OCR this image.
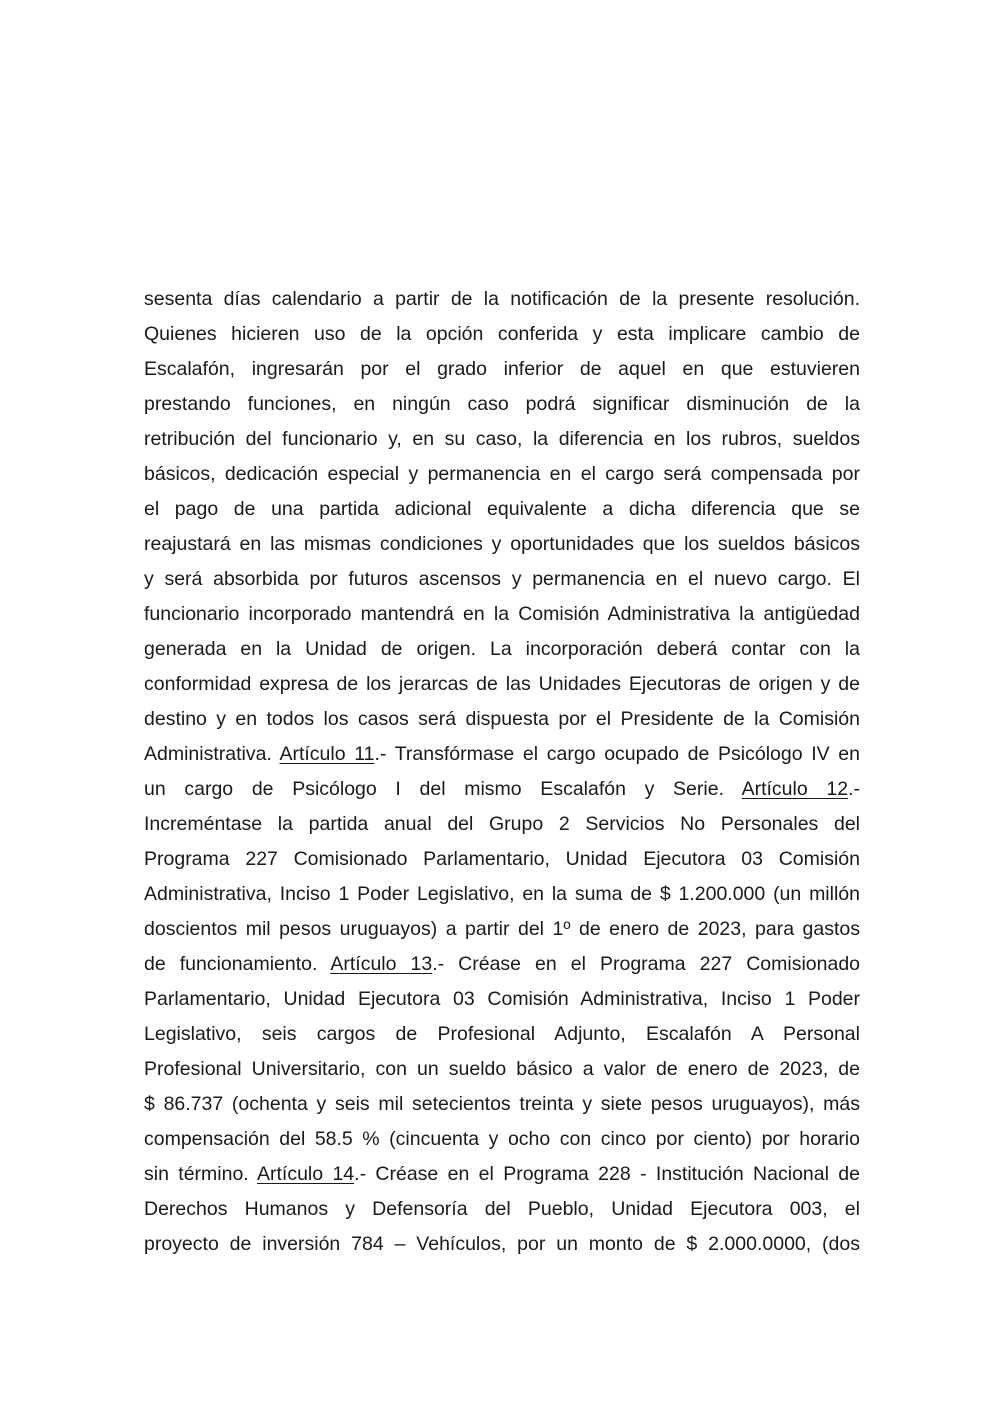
sesenta días calendario a partir de la notificación de la presente resolución.
Quienes hicieren uso de la opción conferida y esta implicare cambio de
Escalafón, ingresarán por el grado inferior de aquel en que estuvieren
prestando funciones, en ningún caso podrá significar disminución de la
retribución del funcionario y, en su caso, la diferencia en los rubros, sueldos
básicos, dedicación especial y permanencia en el cargo será compensada por
el pago de una partida adicional equivalente a dicha diferencia que se
reajustará en las mismas condiciones y oportunidades que los sueldos básicos
y será absorbida por futuros ascensos y permanencia en el nuevo cargo. El
funcionario incorporado mantendrá en la Comisión Administrativa la antigüedad
generada en la Unidad de origen. La incorporación deberá contar con la
conformidad expresa de los jerarcas de las Unidades Ejecutoras de origen y de
destino y en todos los casos será dispuesta por el Presidente de la Comisión
Administrativa. Artículo 11.- Transfórmase el cargo ocupado de Psicólogo IV en
un cargo de Psicólogo I del mismo Escalafón y Serie. Artículo 12.-
Increméntase la partida anual del Grupo 2 Servicios No Personales del
Programa 227 Comisionado Parlamentario, Unidad Ejecutora 03 Comisión
Administrativa, Inciso 1 Poder Legislativo, en la suma de $ 1.200.000 (un millón
doscientos mil pesos uruguayos) a partir del 1º de enero de 2023, para gastos
de funcionamiento. Artículo 13.- Créase en el Programa 227 Comisionado
Parlamentario, Unidad Ejecutora 03 Comisión Administrativa, Inciso 1 Poder
Legislativo, seis cargos de Profesional Adjunto, Escalafón A Personal
Profesional Universitario, con un sueldo básico a valor de enero de 2023, de
$ 86.737 (ochenta y seis mil setecientos treinta y siete pesos uruguayos), más
compensación del 58.5 % (cincuenta y ocho con cinco por ciento) por horario
sin término. Artículo 14.- Créase en el Programa 228 - Institución Nacional de
Derechos Humanos y Defensoría del Pueblo, Unidad Ejecutora 003, el
proyecto de inversión 784 – Vehículos, por un monto de $ 2.000.0000, (dos
